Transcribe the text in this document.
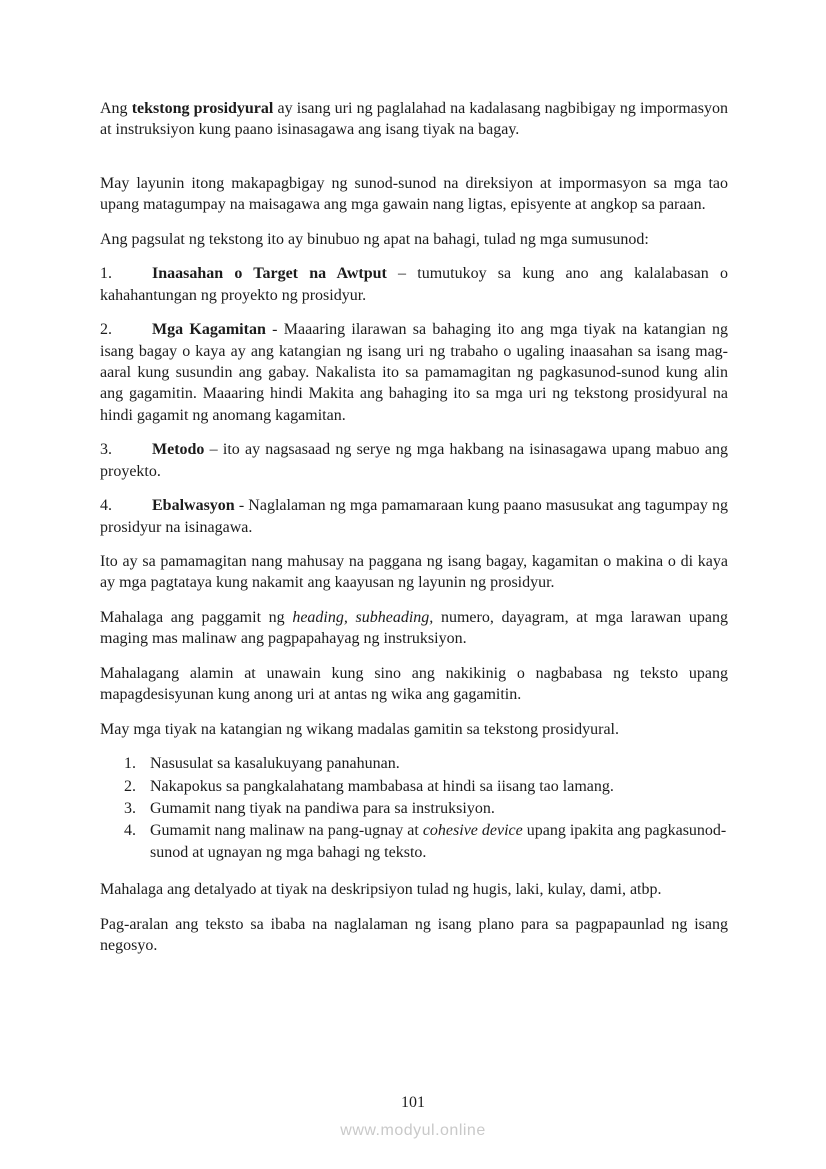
Ang tekstong prosidyural ay isang uri ng paglalahad na kadalasang nagbibigay ng impormasyon at instruksiyon kung paano isinasagawa ang isang tiyak na bagay.

May layunin itong makapagbigay ng sunod-sunod na direksiyon at impormasyon sa mga tao upang matagumpay na maisagawa ang mga gawain nang ligtas, episyente at angkop sa paraan.

Ang pagsulat ng tekstong ito ay binubuo ng apat na bahagi, tulad ng mga sumusunod:

1.	Inaasahan o Target na Awtput – tumutukoy sa kung ano ang kalalabasan o kahahantungan ng proyekto ng prosidyur.

2.	Mga Kagamitan - Maaaring ilarawan sa bahaging ito ang mga tiyak na katangian ng isang bagay o kaya ay ang katangian ng isang uri ng trabaho o ugaling inaasahan sa isang mag-aaral kung susundin ang gabay. Nakalista ito sa pamamagitan ng pagkasunod-sunod kung alin ang gagamitin. Maaaring hindi Makita ang bahaging ito sa mga uri ng tekstong prosidyural na hindi gagamit ng anomang kagamitan.

3.	Metodo – ito ay nagsasaad ng serye ng mga hakbang na isinasagawa upang mabuo ang proyekto.

4.	Ebalwasyon - Naglalaman ng mga pamamaraan kung paano masusukat ang tagumpay ng prosidyur na isinagawa.

Ito ay sa pamamagitan nang mahusay na paggana ng isang bagay, kagamitan o makina o di kaya ay mga pagtataya kung nakamit ang kaayusan ng layunin ng prosidyur.

Mahalaga ang paggamit ng heading, subheading, numero, dayagram, at mga larawan upang maging mas malinaw ang pagpapahayag ng instruksiyon.

Mahalagang alamin at unawain kung sino ang nakikinig o nagbabasa ng teksto upang mapagdesisyunan kung anong uri at antas ng wika ang gagamitin.

May mga tiyak na katangian ng wikang madalas gamitin sa tekstong prosidyural.

1. Nasusulat sa kasalukuyang panahunan.
2. Nakapokus sa pangkalahatang mambabasa at hindi sa iisang tao lamang.
3. Gumamit nang tiyak na pandiwa para sa instruksiyon.
4. Gumamit nang malinaw na pang-ugnay at cohesive device upang ipakita ang pagkasunod-sunod at ugnayan ng mga bahagi ng teksto.

Mahalaga ang detalyado at tiyak na deskripsiyon tulad ng hugis, laki, kulay, dami, atbp.

Pag-aralan ang teksto sa ibaba na naglalaman ng isang plano para sa pagpapaunlad ng isang negosyo.

101
www.modyul.online
